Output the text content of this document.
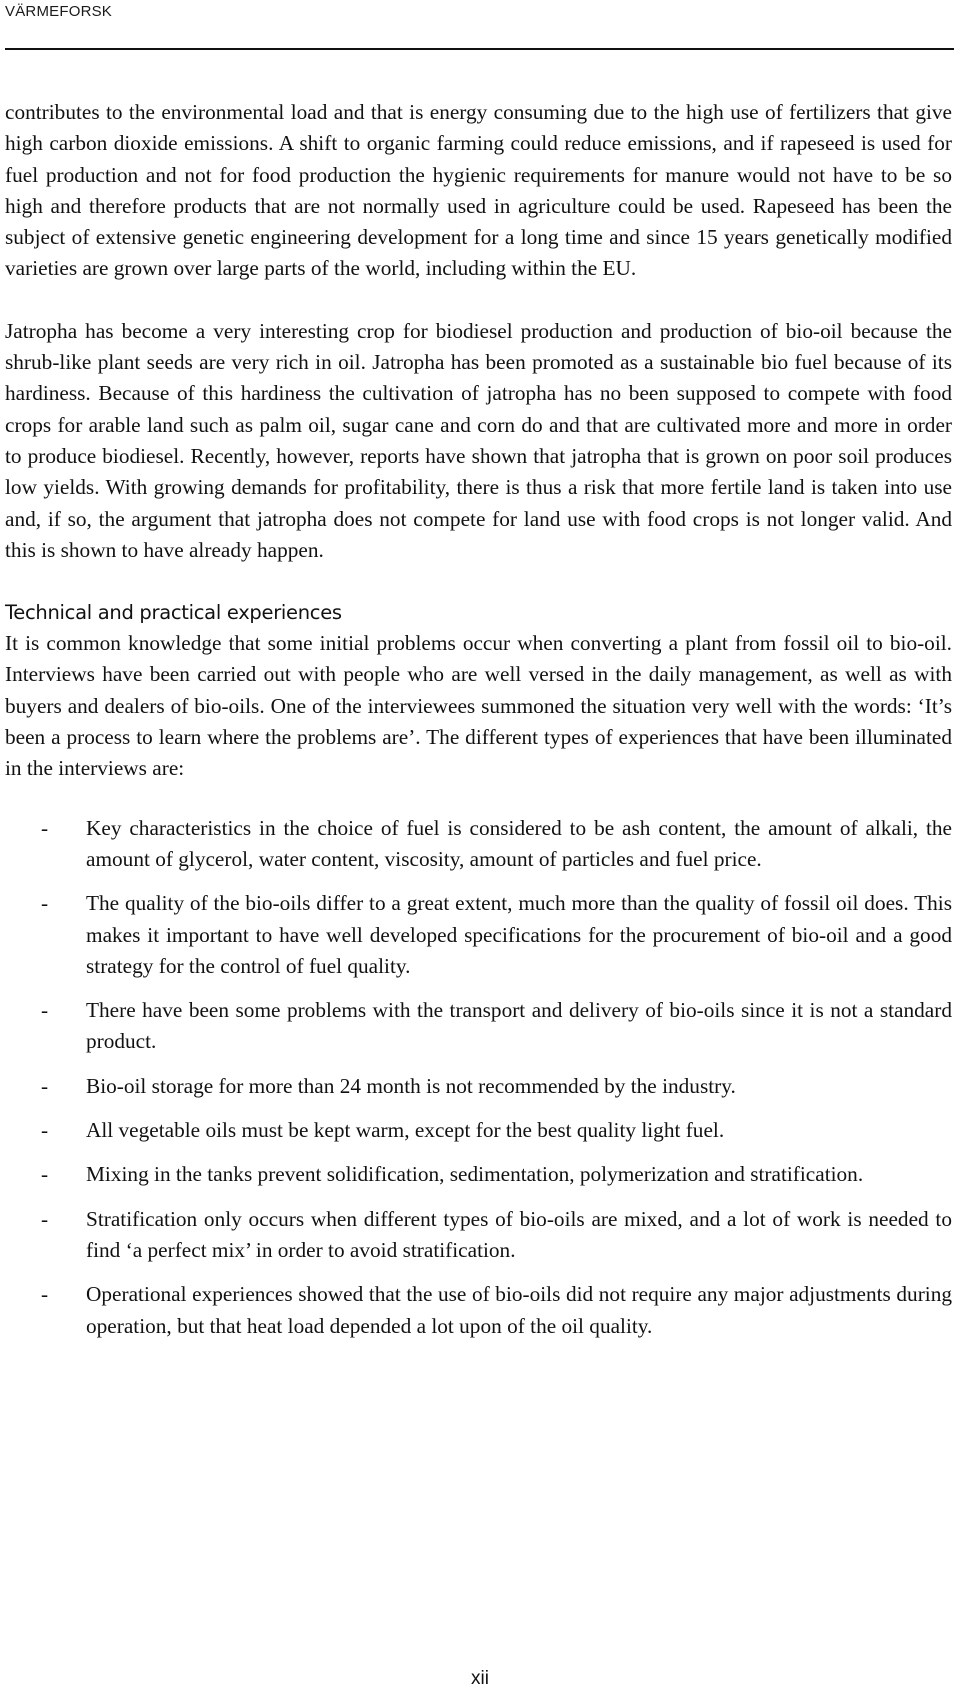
VÄRMEFORSK

contributes to the environmental load and that is energy consuming due to the high use of fertilizers that give high carbon dioxide emissions. A shift to organic farming could reduce emissions, and if rapeseed is used for fuel production and not for food production the hygienic requirements for manure would not have to be so high and therefore products that are not normally used in agriculture could be used. Rapeseed has been the subject of extensive genetic engineering development for a long time and since 15 years genetically modified varieties are grown over large parts of the world, including within the EU.

Jatropha has become a very interesting crop for biodiesel production and production of bio-oil because the shrub-like plant seeds are very rich in oil. Jatropha has been promoted as a sustainable bio fuel because of its hardiness. Because of this hardiness the cultivation of jatropha has no been supposed to compete with food crops for arable land such as palm oil, sugar cane and corn do and that are cultivated more and more in order to produce biodiesel. Recently, however, reports have shown that jatropha that is grown on poor soil produces low yields. With growing demands for profitability, there is thus a risk that more fertile land is taken into use and, if so, the argument that jatropha does not compete for land use with food crops is not longer valid. And this is shown to have already happen.

Technical and practical experiences

It is common knowledge that some initial problems occur when converting a plant from fossil oil to bio-oil. Interviews have been carried out with people who are well versed in the daily management, as well as with buyers and dealers of bio-oils. One of the interviewees summoned the situation very well with the words: ‘It’s been a process to learn where the problems are’. The different types of experiences that have been illuminated in the interviews are:

- Key characteristics in the choice of fuel is considered to be ash content, the amount of alkali, the amount of glycerol, water content, viscosity, amount of particles and fuel price.
- The quality of the bio-oils differ to a great extent, much more than the quality of fossil oil does. This makes it important to have well developed specifications for the procurement of bio-oil and a good strategy for the control of fuel quality.
- There have been some problems with the transport and delivery of bio-oils since it is not a standard product.
- Bio-oil storage for more than 24 month is not recommended by the industry.
- All vegetable oils must be kept warm, except for the best quality light fuel.
- Mixing in the tanks prevent solidification, sedimentation, polymerization and stratification.
- Stratification only occurs when different types of bio-oils are mixed, and a lot of work is needed to find ‘a perfect mix’ in order to avoid stratification.
- Operational experiences showed that the use of bio-oils did not require any major adjustments during operation, but that heat load depended a lot upon of the oil quality.
xii
